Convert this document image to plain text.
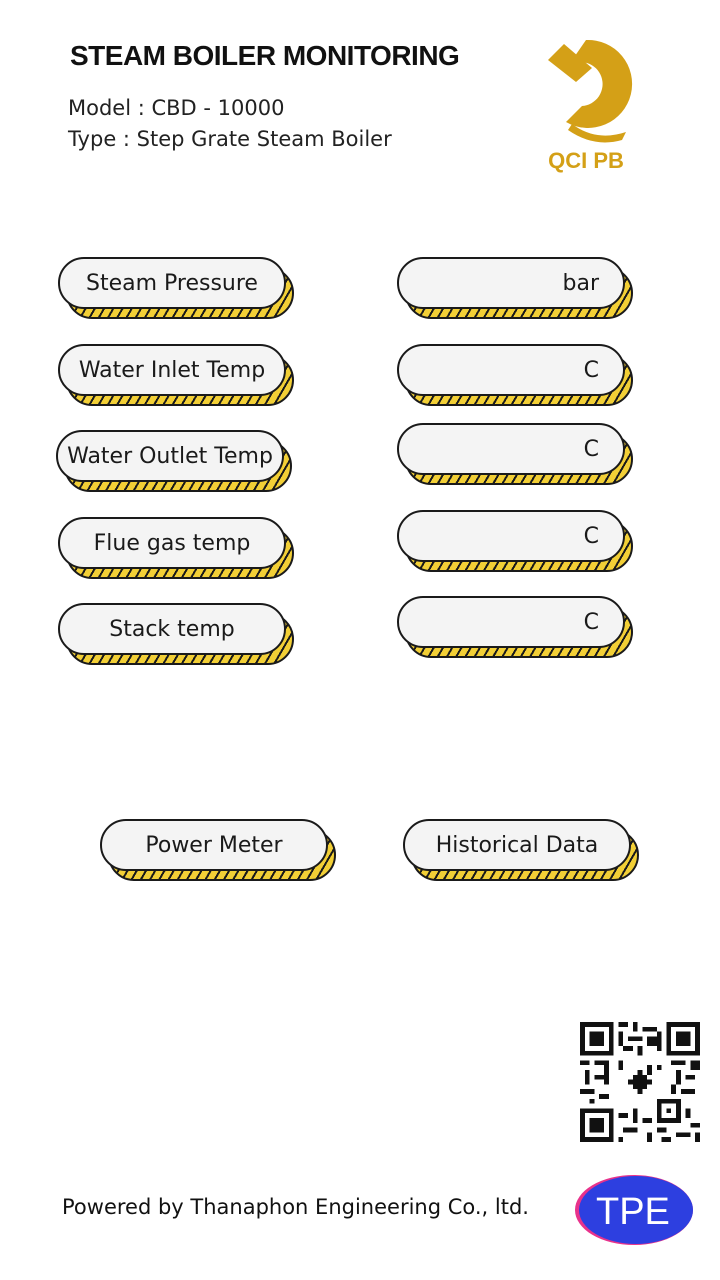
STEAM BOILER MONITORING
Model : CBD - 10000
Type : Step Grate Steam Boiler
QCI PB
Steam Pressure
Water Inlet Temp
Water Outlet Temp
Flue gas temp
Stack temp
bar
C
C
C
C
Power Meter	Historical Data
Powered by Thanaphon Engineering Co., ltd. TPE
